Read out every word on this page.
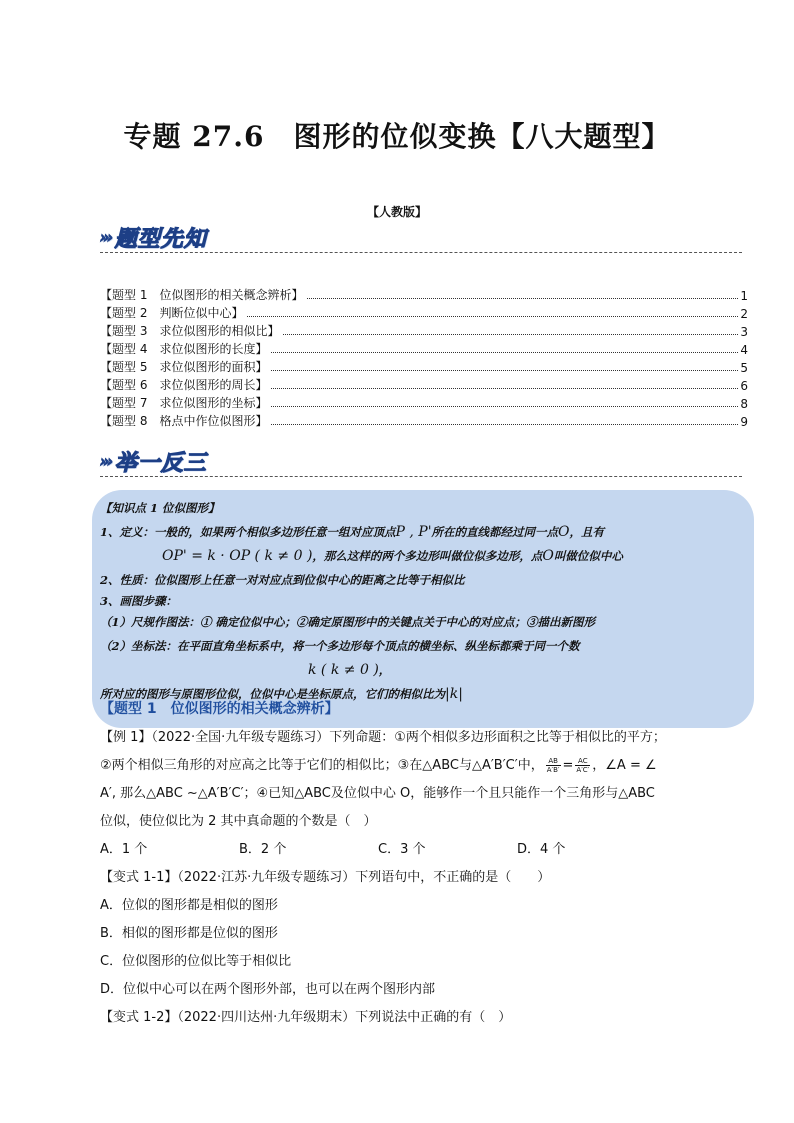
专题 27.6　图形的位似变换【八大题型】
【人教版】
››› 题型先知
【题型 1　位似图形的相关概念辨析】	1
【题型 2　判断位似中心】	2
【题型 3　求位似图形的相似比】	3
【题型 4　求位似图形的长度】	4
【题型 5　求位似图形的面积】	5
【题型 6　求位似图形的周长】	6
【题型 7　求位似图形的坐标】	8
【题型 8　格点中作位似图形】	9
››› 举一反三

【知识点 1 位似图形】

1、定义：一般的，如果两个相似多边形任意一组对应顶点P , P'所在的直线都经过同一点O，且有

OP' = k · OP ( k ≠ 0 )，那么这样的两个多边形叫做位似多边形，点O叫做位似中心

2、性质：位似图形上任意一对对应点到位似中心的距离之比等于相似比

3、画图步骤：

（1）尺规作图法：① 确定位似中心；②确定原图形中的关键点关于中心的对应点；③描出新图形

（2）坐标法：在平面直角坐标系中，将一个多边形每个顶点的横坐标、纵坐标都乘于同一个数

k ( k ≠ 0 )，

所对应的图形与原图形位似，位似中心是坐标原点，它们的相似比为|k|

【题型 1　位似图形的相关概念辨析】

【例 1】（2022·全国·九年级专题练习）下列命题：①两个相似多边形面积之比等于相似比的平方；

②两个相似三角形的对应高之比等于它们的相似比；③在△ABC与△A′B′C′中， $\frac{AB}{A'B'} = \frac{AC}{A'C'}$ ，∠A = ∠

A′, 那么△ABC ~△A′B′C′；④已知△ABC及位似中心 O，能够作一个且只能作一个三角形与△ABC

位似，使位似比为 2 其中真命题的个数是（　）

A．1 个	B．2 个	C．3 个	D．4 个

【变式 1-1】（2022·江苏·九年级专题练习）下列语句中，不正确的是（　　）

A．位似的图形都是相似的图形

B．相似的图形都是位似的图形

C．位似图形的位似比等于相似比

D．位似中心可以在两个图形外部，也可以在两个图形内部

【变式 1-2】（2022·四川达州·九年级期末）下列说法中正确的有（　）
